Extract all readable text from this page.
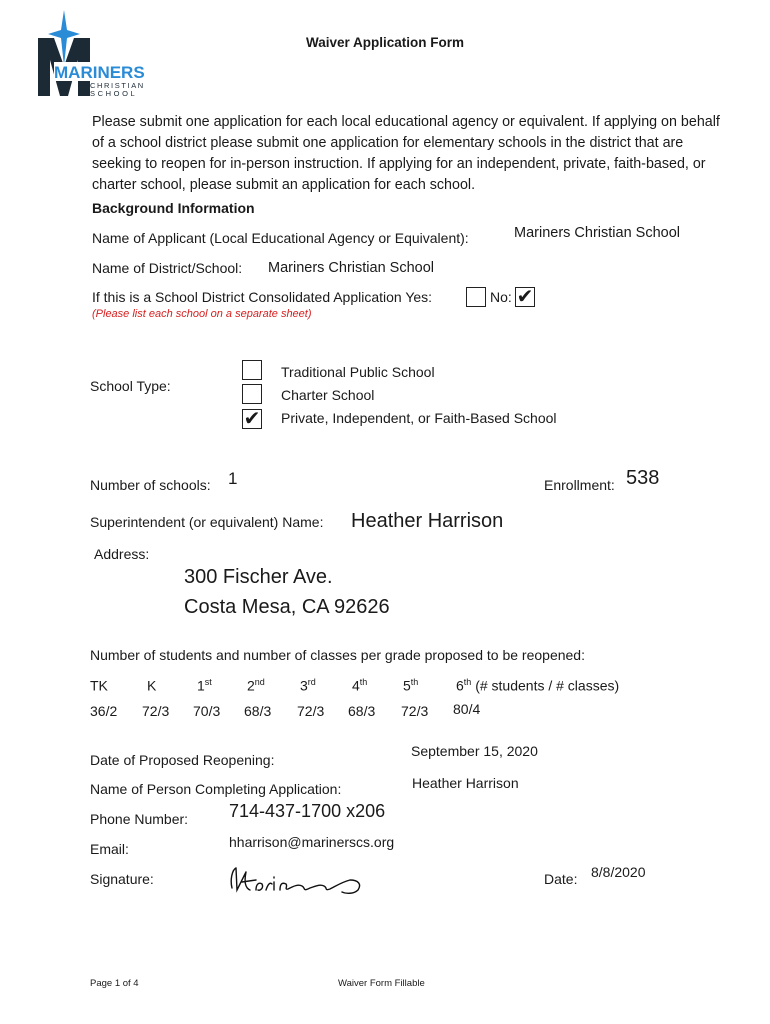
MARINERS
CHRISTIAN
SCHOOL
Waiver Application Form
Please submit one application for each local educational agency or equivalent. If applying on behalf of a school district please submit one application for elementary schools in the district that are seeking to reopen for in-person instruction. If applying for an independent, private, faith-based, or charter school, please submit an application for each school.
Background Information
Name of Applicant (Local Educational Agency or Equivalent):	Mariners Christian School
Name of District/School: Mariners Christian School
If this is a School District Consolidated Application Yes:	No: ✔
(Please list each school on a separate sheet)
School Type:
Traditional Public School
Charter School
✔ Private, Independent, or Faith-Based School
Number of schools: 1	Enrollment: 538
Superintendent (or equivalent) Name: Heather Harrison
Address:
300 Fischer Ave.
Costa Mesa, CA 92626
Number of students and number of classes per grade proposed to be reopened:
TK	K	1st	2nd	3rd	4th	5th	6th (# students / # classes)
36/2 72/3 70/3 68/3 72/3 68/3 72/3 80/4
Date of Proposed Reopening:
September 15, 2020
Name of Person Completing Application:	Heather Harrison
Phone Number: 714-437-1700 x206
Email:	hharrison@marinerscs.org
Signature:	Date: 8/8/2020
Page 1 of 4	Waiver Form Fillable
